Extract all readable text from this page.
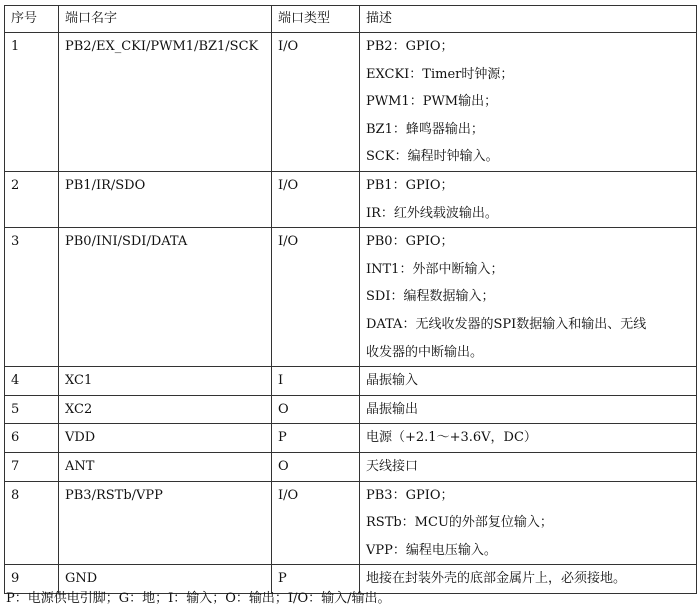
序号	端口名字	端口类型	描述
1	PB2/EX_CKI/PWM1/BZ1/SCK	I/O	PB2：GPIO；
EXCKI：Timer时钟源；
PWM1：PWM输出；
BZ1：蜂鸣器输出；
SCK：编程时钟输入。

2	PB1/IR/SDO	I/O	PB1：GPIO；
IR：红外线载波输出。

3	PB0/INI/SDI/DATA	I/O	PB0：GPIO；
INT1：外部中断输入；
SDI：编程数据输入；
DATA：无线收发器的SPI数据输入和输出、无线
收发器的中断输出。

4	XC1	I	晶振输入

5	XC2	O	晶振输出

6	VDD	P	电源（+2.1～+3.6V，DC）

7	ANT	O	天线接口

8	PB3/RSTb/VPP	I/O	PB3：GPIO；
RSTb：MCU的外部复位输入；
VPP：编程电压输入。

9	GND	P	地接在封装外壳的底部金属片上，必须接地。
P：电源供电引脚；G：地；I：输入；O：输出；I/O：输入/输出。
